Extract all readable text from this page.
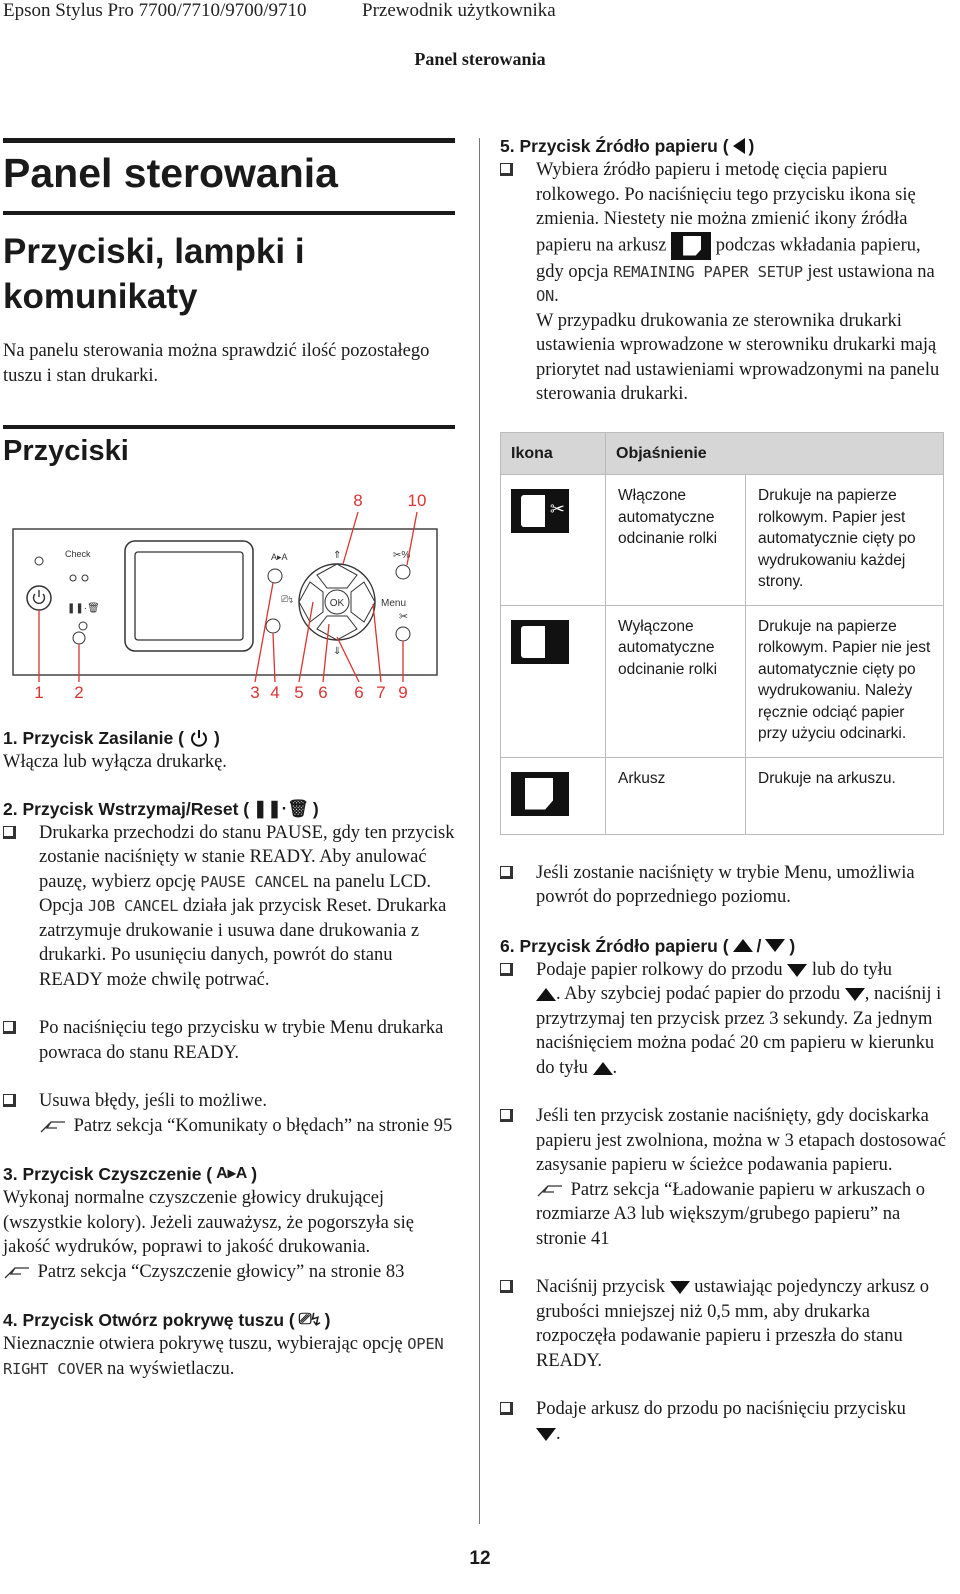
Epson Stylus Pro 7700/7710/9700/9710	Przewodnik użytkownika
Panel sterowania
Panel sterowania
Przyciski, lampki i komunikaty

Na panelu sterowania można sprawdzić ilość pozostałego tuszu i stan drukarki.

Przyciski
8	10
Check
❚❚·🗑
A▸A
⎚↯	OK	Menu
⇑
⇓
✂%
✂
1 2	3 4 5 6 6 7 9
1. Przycisk Zasilanie ( )

Włącza lub wyłącza drukarkę.

2. Przycisk Wstrzymaj/Reset ( ❚❚·🗑 )
Drukarka przechodzi do stanu PAUSE, gdy ten przycisk zostanie naciśnięty w stanie READY. Aby anulować pauzę, wybierz opcję PAUSE CANCEL na panelu LCD. Opcja JOB CANCEL działa jak przycisk Reset. Drukarka zatrzymuje drukowanie i usuwa dane drukowania z drukarki. Po usunięciu danych, powrót do stanu READY może chwilę potrwać.
Po naciśnięciu tego przycisku w trybie Menu drukarka powraca do stanu READY.
Usuwa błędy, jeśli to możliwe.
Patrz sekcja “Komunikaty o błędach” na stronie 95
3. Przycisk Czyszczenie ( A▸A )

Wykonaj normalne czyszczenie głowicy drukującej (wszystkie kolory). Jeżeli zauważysz, że pogorszyła się jakość wydruków, poprawi to jakość drukowania.

Patrz sekcja “Czyszczenie głowicy” na stronie 83

4. Przycisk Otwórz pokrywę tuszu ( ⎚↯ )

Nieznacznie otwiera pokrywę tuszu, wybierając opcję OPEN RIGHT COVER na wyświetlaczu.

5. Przycisk Źródło papieru ( )
Wybiera źródło papieru i metodę cięcia papieru rolkowego. Po naciśnięciu tego przycisku ikona się zmienia. Niestety nie można zmienić ikony źródła papieru na arkusz  podczas wkładania papieru, gdy opcja REMAINING PAPER SETUP jest ustawiona na ON.
W przypadku drukowania ze sterownika drukarki ustawienia wprowadzone w sterowniku drukarki mają priorytet nad ustawieniami wprowadzonymi na panelu sterowania drukarki.
Ikona	Objaśnienie	

✂	Włączone automatyczne odcinanie rolki	Drukuje na papierze rolkowym. Papier jest automatycznie cięty po wydrukowaniu każdej strony.

	Wyłączone automatyczne odcinanie rolki	Drukuje na papierze rolkowym. Papier nie jest automatycznie cięty po wydrukowaniu. Należy ręcznie odciąć papier przy użyciu odcinarki.

	Arkusz	Drukuje na arkuszu.
Jeśli zostanie naciśnięty w trybie Menu, umożliwia powrót do poprzedniego poziomu.
6. Przycisk Źródło papieru ( / )
Podaje papier rolkowy do przodu lub do tyłu
. Aby szybciej podać papier do przodu , naciśnij i przytrzymaj ten przycisk przez 3 sekundy. Za jednym naciśnięciem można podać 20 cm papieru w kierunku do tyłu .
Jeśli ten przycisk zostanie naciśnięty, gdy dociskarka papieru jest zwolniona, można w 3 etapach dostosować zasysanie papieru w ścieżce podawania papieru.
Patrz sekcja “Ładowanie papieru w arkuszach o rozmiarze A3 lub większym/grubego papieru” na stronie 41
Naciśnij przycisk ustawiając pojedynczy arkusz o grubości mniejszej niż 0,5 mm, aby drukarka rozpoczęła podawanie papieru i przeszła do stanu READY.
Podaje arkusz do przodu po naciśnięciu przycisku
.
12
